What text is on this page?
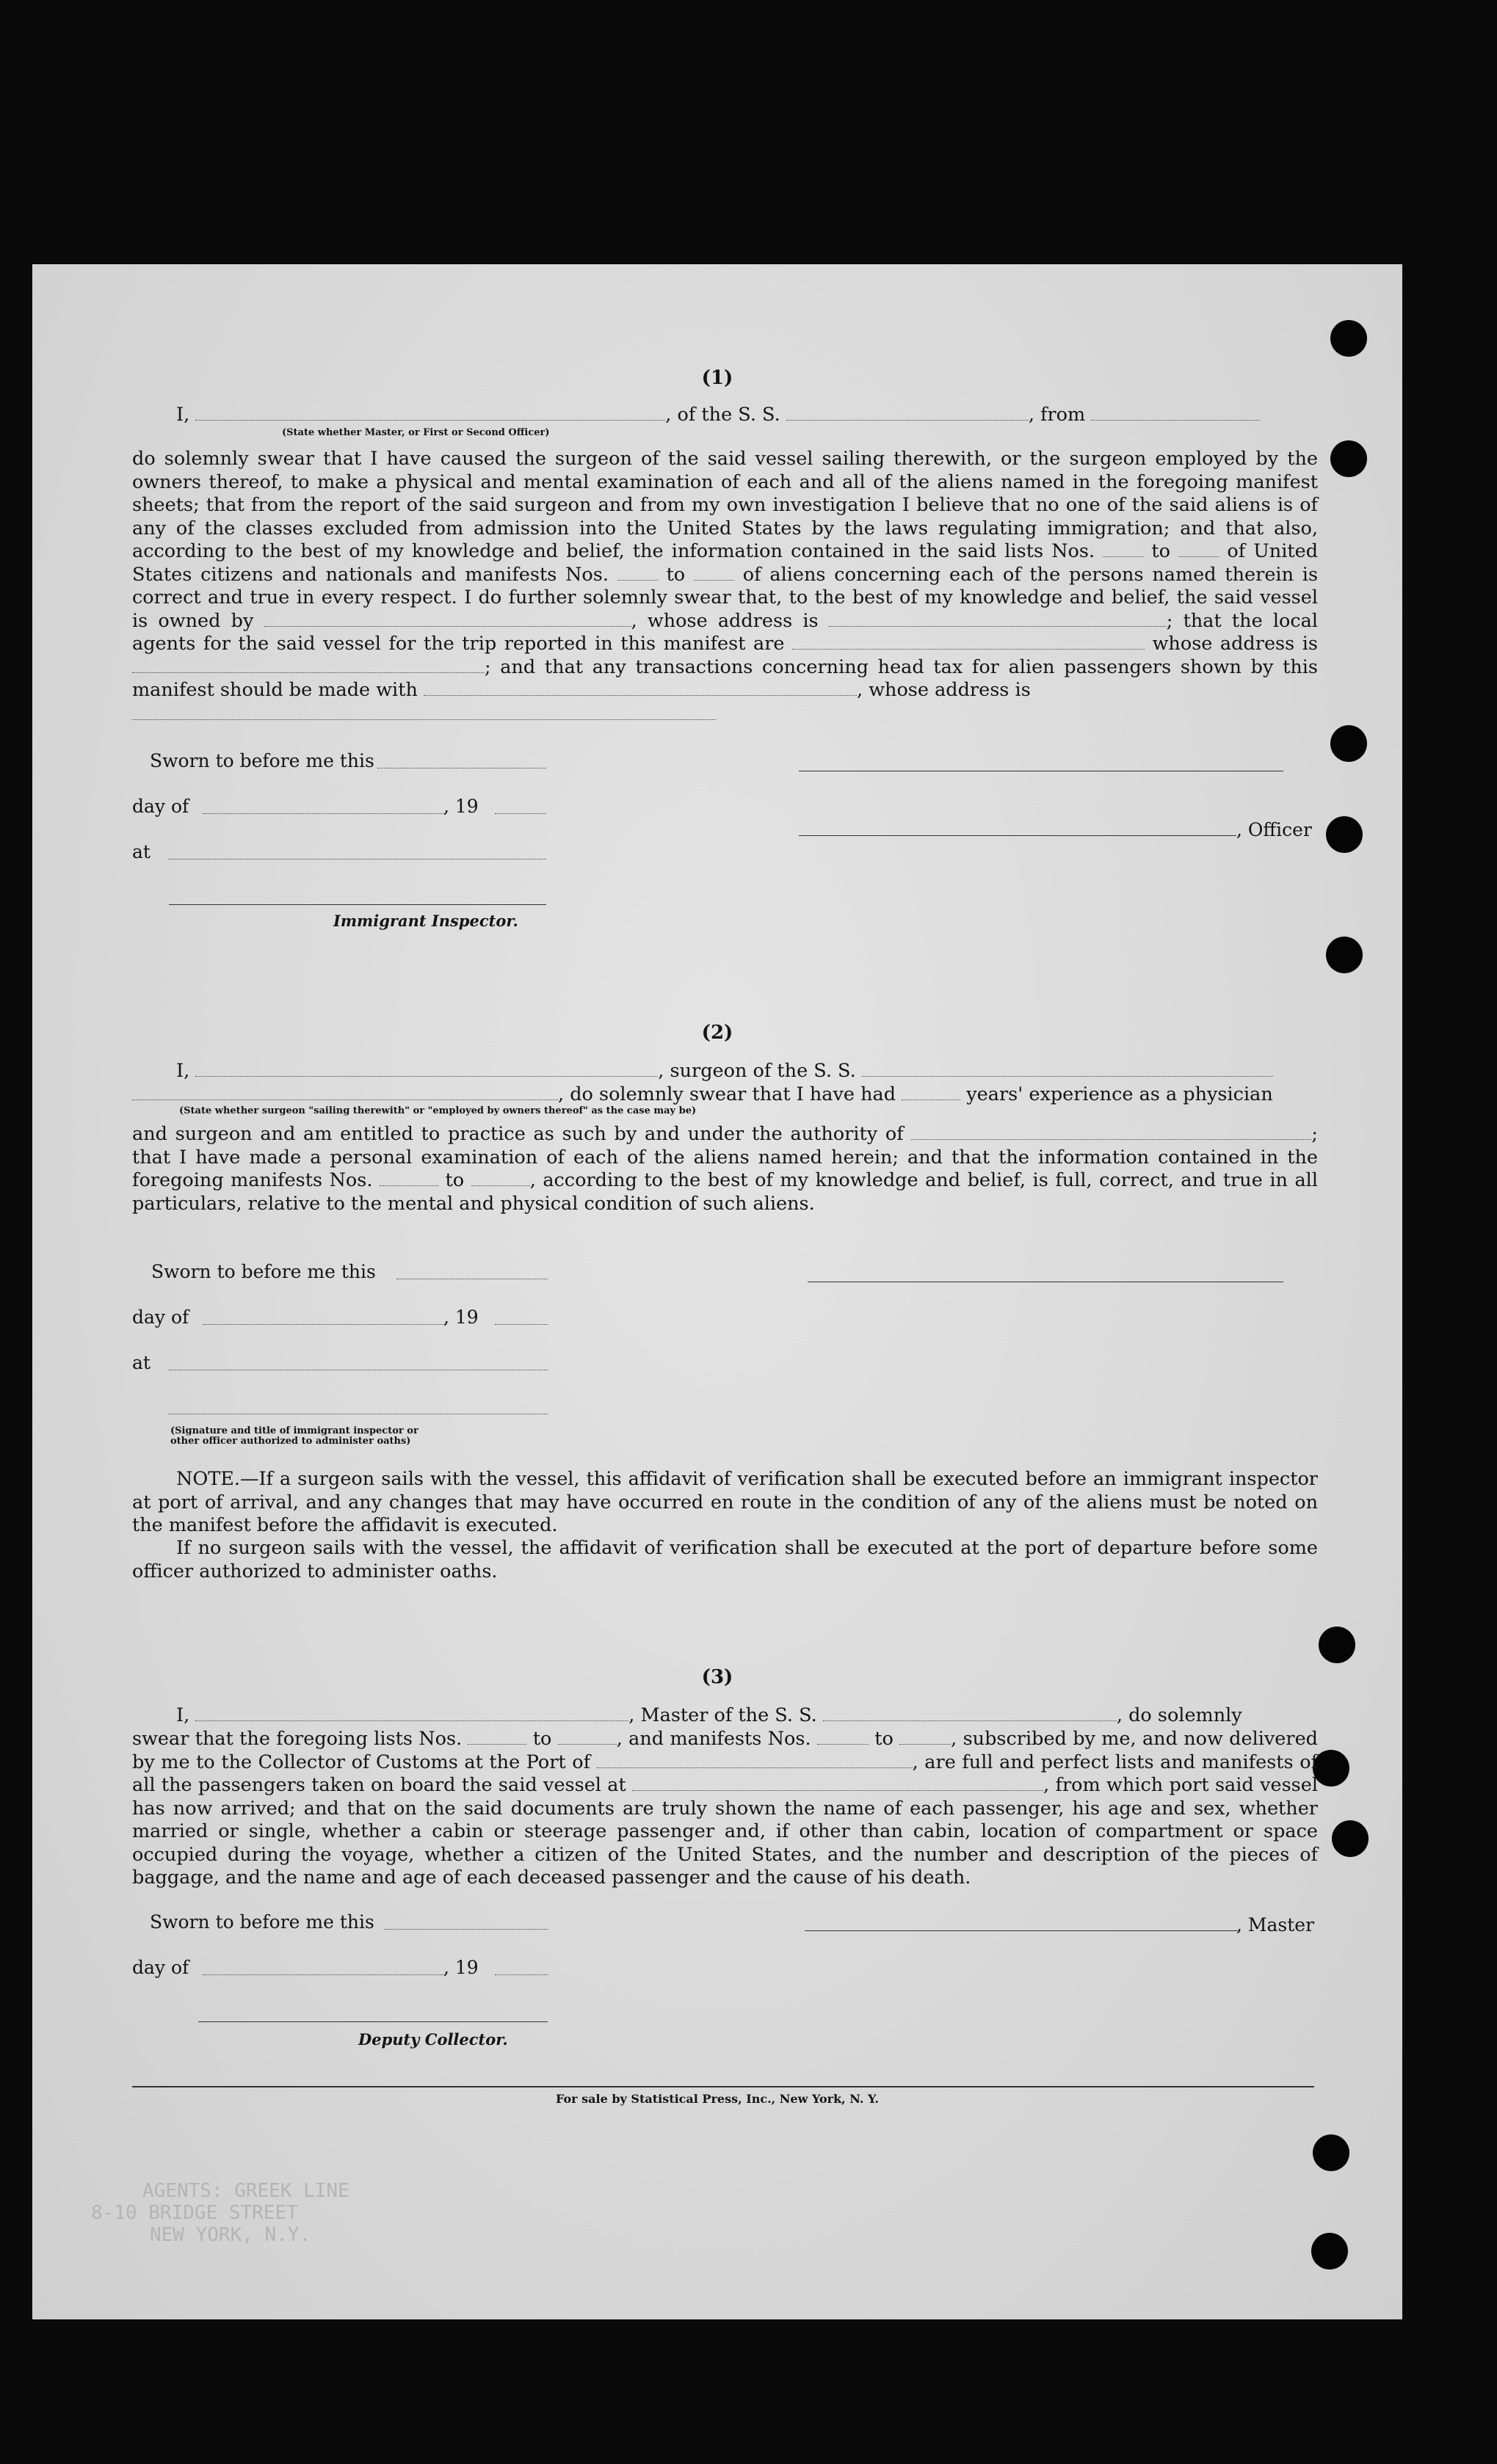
(1)
I,	, of the S. S.	, from
(State whether Master, or First or Second Officer)
do solemnly swear that I have caused the surgeon of the said vessel sailing therewith, or the surgeon employed by the owners thereof, to make a physical and mental examination of each and all of the aliens named in the foregoing manifest sheets; that from the report of the said surgeon and from my own investigation I believe that no one of the said aliens is of any of the classes excluded from admission into the United States by the laws regulating immigration; and that also, according to the best of my knowledge and belief, the information contained in the said lists Nos.	to	of United States citizens and nationals and manifests Nos.	to	of aliens concerning each of the persons named therein is correct and true in every respect. I do further solemnly swear that, to the best of my knowledge and belief, the said vessel is owned by	, whose address is	; that the local agents for the said vessel for the trip reported in this manifest are	whose address is ; and that any transactions concerning head tax for alien passengers shown by this manifest should be made with	, whose address is
Sworn to before me this
day of	, 19
, Officer
at
Immigrant Inspector.
(2)
I,	, surgeon of the S. S.
, do solemnly swear that I have had	years' experience as a physician
(State whether surgeon "sailing therewith" or "employed by owners thereof" as the case may be)
and surgeon and am entitled to practice as such by and under the authority of	; that I have made a personal examination of each of the aliens named herein; and that the information contained in the foregoing manifests Nos.	to	, according to the best of my knowledge and belief, is full, correct, and true in all particulars, relative to the mental and physical condition of such aliens.
Sworn to before me this
day of	, 19
at
(Signature and title of immigrant inspector or
other officer authorized to administer oaths)
NOTE.—If a surgeon sails with the vessel, this affidavit of verification shall be executed before an immigrant inspector at port of arrival, and any changes that may have occurred en route in the condition of any of the aliens must be noted on the manifest before the affidavit is executed.
If no surgeon sails with the vessel, the affidavit of verification shall be executed at the port of departure before some officer authorized to administer oaths.
(3)
I,	, Master of the S. S.	, do solemnly
swear that the foregoing lists Nos.	to	, and manifests Nos.	to	, subscribed by me, and now delivered by me to the Collector of Customs at the Port of	, are full and perfect lists and manifests of all the passengers taken on board the said vessel at	, from which port said vessel has now arrived; and that on the said documents are truly shown the name of each passenger, his age and sex, whether married or single, whether a cabin or steerage passenger and, if other than cabin, location of compartment or space occupied during the voyage, whether a citizen of the United States, and the number and description of the pieces of baggage, and the name and age of each deceased passenger and the cause of his death.
Sworn to before me this	, Master
day of	, 19
Deputy Collector.
For sale by Statistical Press, Inc., New York, N. Y.
AGENTS: GREEK LINE
8-10 BRIDGE STREET
NEW YORK, N.Y.
